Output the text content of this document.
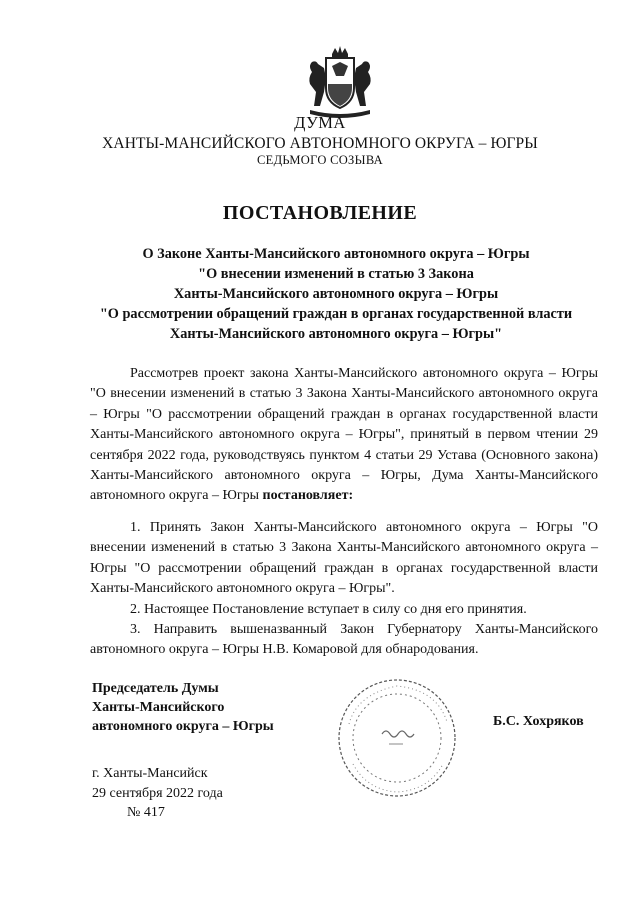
ДУМА
ХАНТЫ-МАНСИЙСКОГО АВТОНОМНОГО ОКРУГА – ЮГРЫ
СЕДЬМОГО СОЗЫВА
ПОСТАНОВЛЕНИЕ
О Законе Ханты-Мансийского автономного округа – Югры
"О внесении изменений в статью 3 Закона
Ханты-Мансийского автономного округа – Югры
"О рассмотрении обращений граждан в органах государственной власти
Ханты-Мансийского автономного округа – Югры"

Рассмотрев проект закона Ханты-Мансийского автономного округа – Югры "О внесении изменений в статью 3 Закона Ханты-Мансийского автономного округа – Югры "О рассмотрении обращений граждан в органах государственной власти Ханты-Мансийского автономного округа – Югры", принятый в первом чтении 29 сентября 2022 года, руководствуясь пунктом 4 статьи 29 Устава (Основного закона) Ханты-Мансийского автономного округа – Югры, Дума Ханты-Мансийского автономного округа – Югры постановляет:

1. Принять Закон Ханты-Мансийского автономного округа – Югры "О внесении изменений в статью 3 Закона Ханты-Мансийского автономного округа – Югры "О рассмотрении обращений граждан в органах государственной власти Ханты-Мансийского автономного округа – Югры".

2. Настоящее Постановление вступает в силу со дня его принятия.

3. Направить вышеназванный Закон Губернатору Ханты-Мансийского автономного округа – Югры Н.В. Комаровой для обнародования.

Председатель Думы
Ханты-Мансийского
автономного округа – Югры	Б.С. Хохряков
г. Ханты-Мансийск
29 сентября 2022 года
№ 417
